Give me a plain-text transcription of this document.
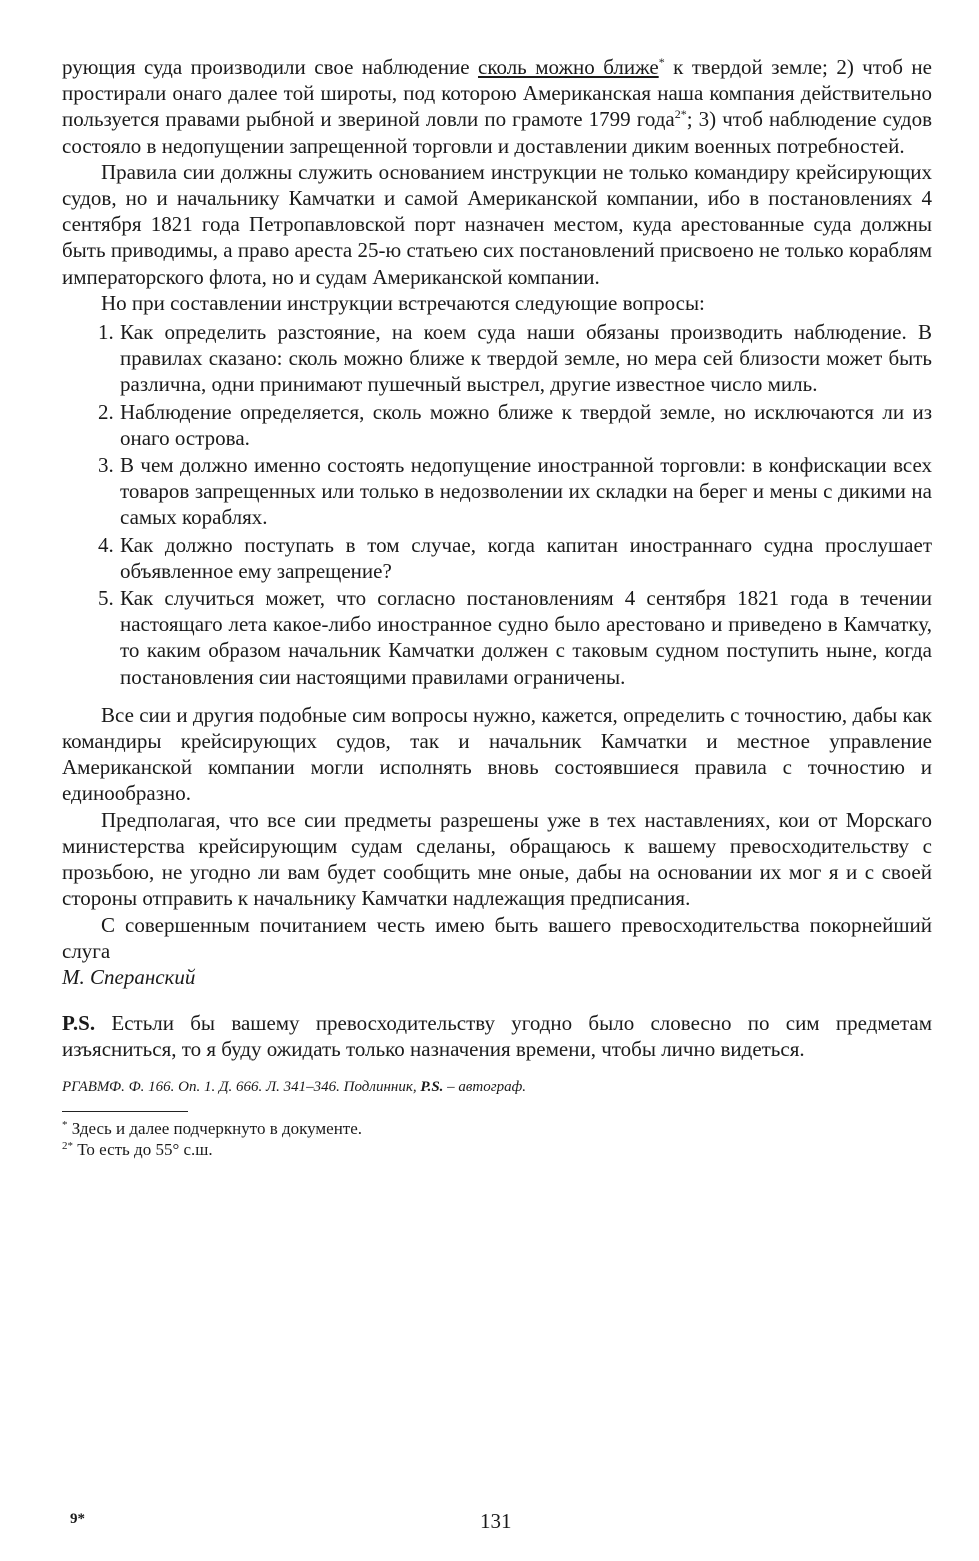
рующия суда производили свое наблюдение сколь можно ближе* к твердой земле; 2) чтоб не простирали онаго далее той широты, под которою Американская наша компания действительно пользуется правами рыбной и звериной ловли по грамоте 1799 года$^{2*}$; 3) чтоб наблюдение судов состояло в недопущении запрещенной торговли и доставлении диким военных потребностей.

Правила сии должны служить основанием инструкции не только командиру крейсирующих судов, но и начальнику Камчатки и самой Американской компании, ибо в постановлениях 4 сентября 1821 года Петропавловской порт назначен местом, куда арестованные суда должны быть приводимы, а право ареста 25-ю статьею сих постановлений присвоено не только кораблям императорского флота, но и судам Американской компании.

Но при составлении инструкции встречаются следующие вопросы:

1. Как определить разстояние, на коем суда наши обязаны производить наблюдение. В правилах сказано: сколь можно ближе к твердой земле, но мера сей близости может быть различна, одни принимают пушечный выстрел, другие известное число миль.
2. Наблюдение определяется, сколь можно ближе к твердой земле, но исключаются ли из онаго острова.
3. В чем должно именно состоять недопущение иностранной торговли: в конфискации всех товаров запрещенных или только в недозволении их складки на берег и мены с дикими на самых кораблях.
4. Как должно поступать в том случае, когда капитан иностраннаго судна прослушает объявленное ему запрещение?
5. Как случиться может, что согласно постановлениям 4 сентября 1821 года в течении настоящаго лета какое-либо иностранное судно было арестовано и приведено в Камчатку, то каким образом начальник Камчатки должен с таковым судном поступить ныне, когда постановления сии настоящими правилами ограничены.

Все сии и другия подобные сим вопросы нужно, кажется, определить с точностию, дабы как командиры крейсирующих судов, так и начальник Камчатки и местное управление Американской компании могли исполнять вновь состоявшиеся правила с точностию и единообразно.

Предполагая, что все сии предметы разрешены уже в тех наставлениях, кои от Морскаго министерства крейсирующим судам сделаны, обращаюсь к вашему превосходительству с прозьбою, не угодно ли вам будет сообщить мне оные, дабы на основании их мог я и с своей стороны отправить к начальнику Камчатки надлежащия предписания.

С совершенным почитанием честь имею быть вашего превосходительства покорнейший слуга

М. Сперанский

P.S. Естьли бы вашему превосходительству угодно было словесно по сим предметам изъясниться, то я буду ожидать только назначения времени, чтобы лично видеться.

РГАВМФ. Ф. 166. Оп. 1. Д. 666. Л. 341–346. Подлинник, P.S. – автограф.

* Здесь и далее подчеркнуто в документе.

$^{2*}$ То есть до 55° с.ш.

9*	131
